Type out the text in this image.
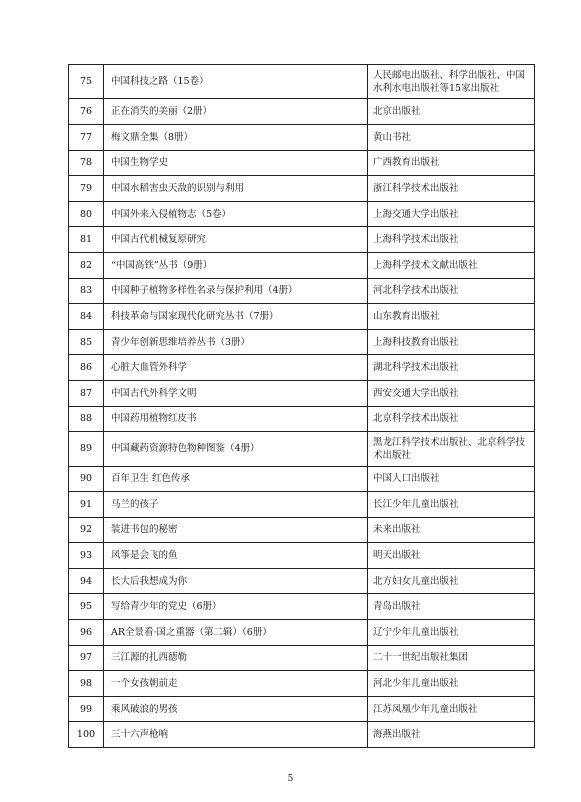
75	中国科技之路（15卷）	人民邮电出版社、科学出版社、中国水利水电出版社等15家出版社
76	正在消失的美丽（2册）	北京出版社
77	梅文鼎全集（8册）	黄山书社
78	中国生物学史	广西教育出版社
79	中国水稻害虫天敌的识别与利用	浙江科学技术出版社
80	中国外来入侵植物志（5卷）	上海交通大学出版社
81	中国古代机械复原研究	上海科学技术出版社
82	“中国高铁”丛书（9册）	上海科学技术文献出版社
83	中国种子植物多样性名录与保护利用（4册）	河北科学技术出版社
84	科技革命与国家现代化研究丛书（7册）	山东教育出版社
85	青少年创新思维培养丛书（3册）	上海科技教育出版社
86	心脏大血管外科学	湖北科学技术出版社
87	中国古代外科学文明	西安交通大学出版社
88	中国药用植物红皮书	北京科学技术出版社
89	中国藏药资源特色物种图鉴（4册）	黑龙江科学技术出版社、北京科学技术出版社
90	百年卫生 红色传承	中国人口出版社
91	马兰的孩子	长江少年儿童出版社
92	装进书包的秘密	未来出版社
93	风筝是会飞的鱼	明天出版社
94	长大后我想成为你	北方妇女儿童出版社
95	写给青少年的党史（6册）	青岛出版社
96	AR全景看·国之重器（第二辑）（6册）	辽宁少年儿童出版社
97	三江源的扎西德勒	二十一世纪出版社集团
98	一个女孩朝前走	河北少年儿童出版社
99	乘风破浪的男孩	江苏凤凰少年儿童出版社
100	三十六声枪响	海燕出版社
5
